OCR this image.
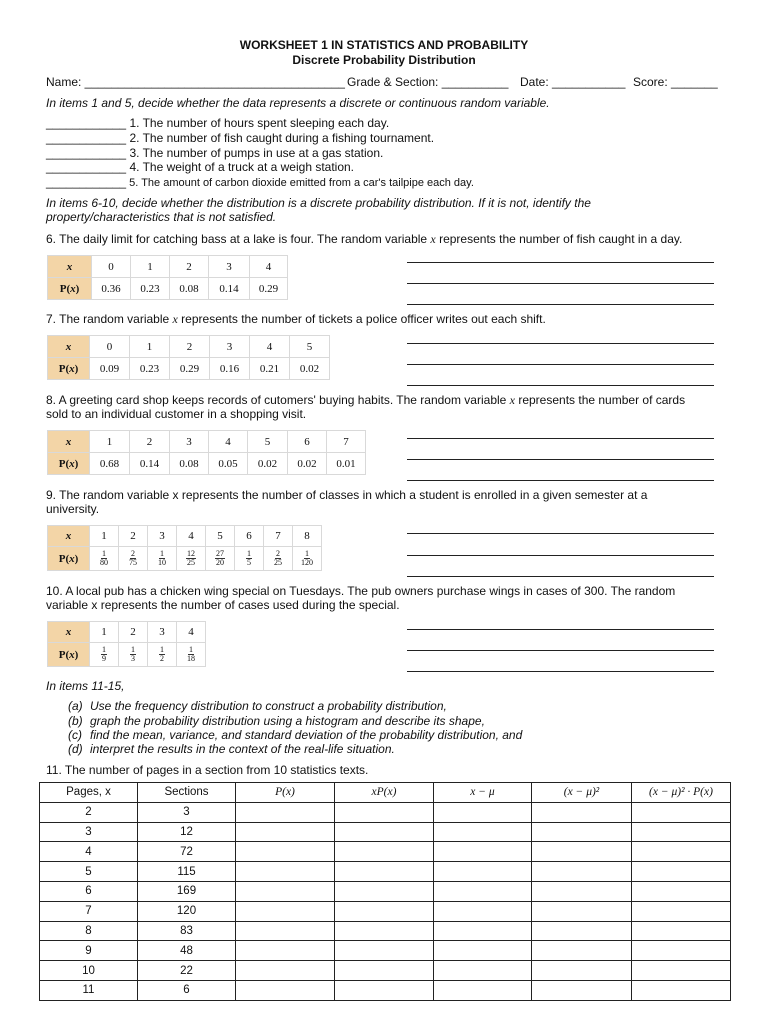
WORKSHEET 1 IN STATISTICS AND PROBABILITY
Discrete Probability Distribution
Name: _______________________________________ Grade & Section: __________ Date: ___________ Score: _______
In items 1 and 5, decide whether the data represents a discrete or continuous random variable.
____________ 1. The number of hours spent sleeping each day.
____________ 2. The number of fish caught during a fishing tournament.
____________ 3. The number of pumps in use at a gas station.
____________ 4. The weight of a truck at a weigh station.
____________ 5. The amount of carbon dioxide emitted from a car's tailpipe each day.
In items 6-10, decide whether the distribution is a discrete probability distribution. If it is not, identify the
property/characteristics that is not satisfied.
6. The daily limit for catching bass at a lake is four. The random variable x represents the number of fish caught in a day.
x	0	1	2	3	4
P(x)	0.36	0.23	0.08	0.14	0.29
7. The random variable x represents the number of tickets a police officer writes out each shift.
x	0	1	2	3	4	5
P(x)	0.09	0.23	0.29	0.16	0.21	0.02
8. A greeting card shop keeps records of cutomers' buying habits. The random variable x represents the number of cards
sold to an individual customer in a shopping visit.
x	1	2	3	4	5	6	7
P(x)	0.68	0.14	0.08	0.05	0.02	0.02	0.01
9. The random variable x represents the number of classes in which a student is enrolled in a given semester at a
university.
x	1	2	3	4	5	6	7	8
P(x)	$\frac{1}{80}$	$\frac{2}{75}$	$\frac{1}{10}$	$\frac{12}{25}$	$\frac{27}{20}$	$\frac{1}{5}$	$\frac{2}{25}$	$\frac{1}{120}$
10. A local pub has a chicken wing special on Tuesdays. The pub owners purchase wings in cases of 300. The random
variable x represents the number of cases used during the special.
x	1	2	3	4
P(x)	$\frac{1}{9}$	$\frac{1}{3}$	$\frac{1}{2}$	$\frac{1}{18}$
In items 11-15,
(a) Use the frequency distribution to construct a probability distribution,
(b) graph the probability distribution using a histogram and describe its shape,
(c) find the mean, variance, and standard deviation of the probability distribution, and
(d) interpret the results in the context of the real-life situation.
11. The number of pages in a section from 10 statistics texts.
Pages, x	Sections	P(x)	xP(x)	x − μ	(x − μ)²	(x − μ)² · P(x)
2	3					
3	12					
4	72					
5	115					
6	169					
7	120					
8	83					
9	48					
10	22					
11	6					
